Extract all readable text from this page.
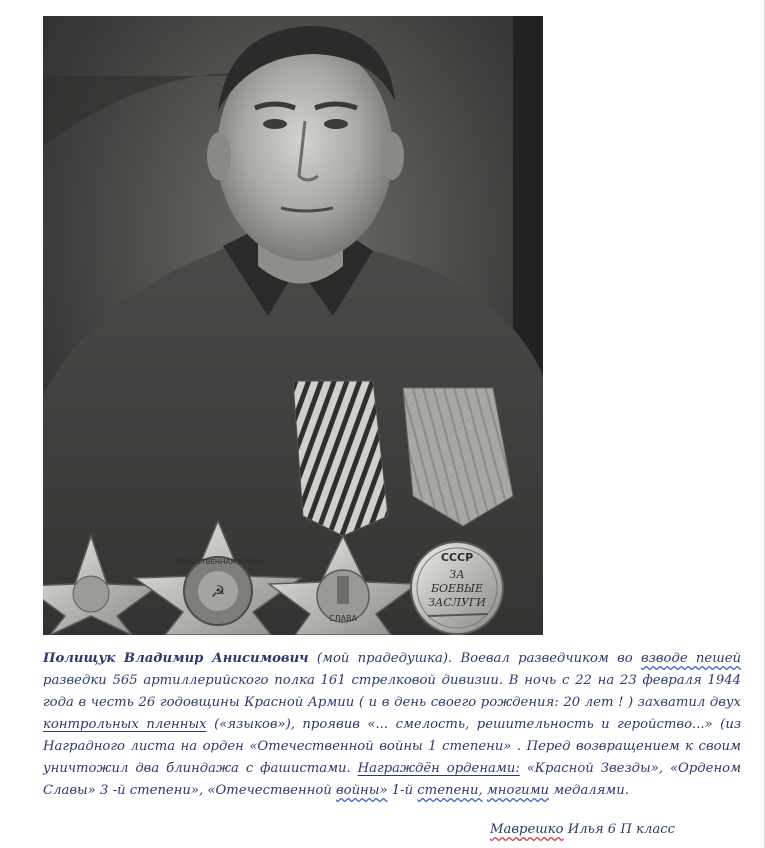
ОТЕЧЕСТВЕННАЯ ВОЙНА
☭
СЛАВА
СССР
ЗА
БОЕВЫЕ
ЗАСЛУГИ
Полищук Владимир Анисимович (мой прадедушка). Воевал разведчиком во взводе пешей разведки 565 артиллерийского полка 161 стрелковой дивизии. В ночь с 22 на 23 февраля 1944 года в честь 26 годовщины Красной Армии ( и в день своего рождения: 20 лет ! ) захватил двух контрольных пленных («языков»), проявив «... смелость, решительность и геройство...» (из Наградного листа на орден «Отечественной войны 1 степени» . Перед возвращением к своим уничтожил два блиндажа с фашистами. Награждён орденами: «Красной Звезды», «Орденом Славы» 3 -й степени», «Отечественной войны» 1-й степени, многими медалями.
Маврешко Илья 6 П класс
